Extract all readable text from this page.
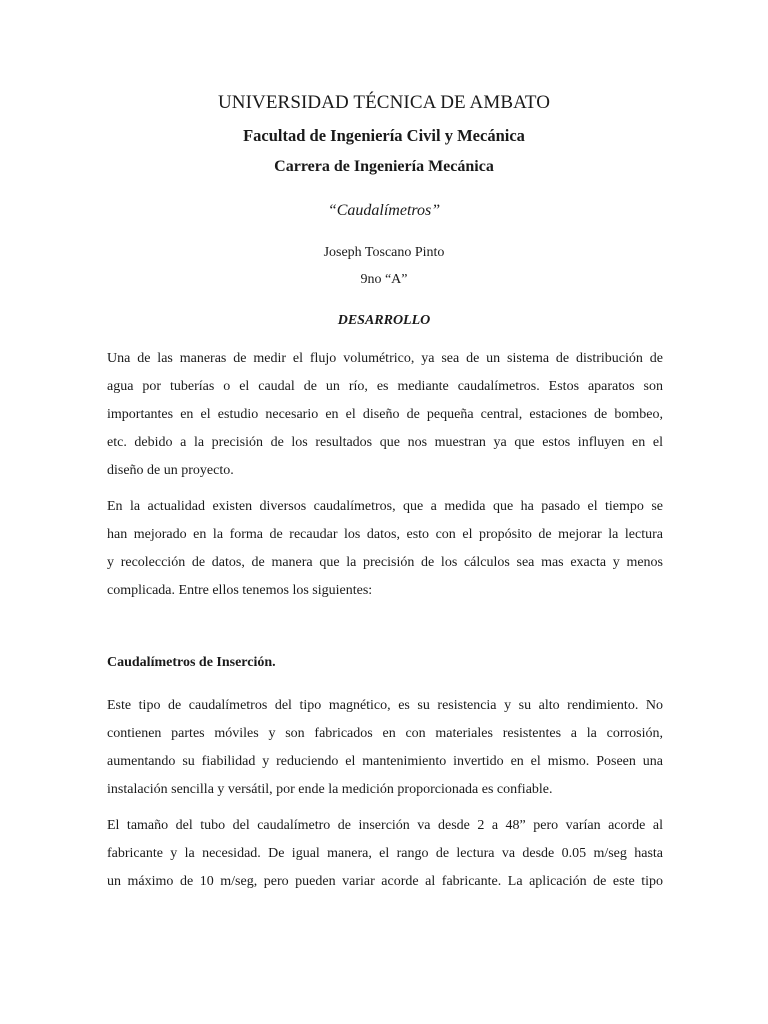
UNIVERSIDAD TÉCNICA DE AMBATO
Facultad de Ingeniería Civil y Mecánica
Carrera de Ingeniería Mecánica
“Caudalímetros”
Joseph Toscano Pinto
9no “A”
DESARROLLO
Una de las maneras de medir el flujo volumétrico, ya sea de un sistema de distribución de
agua por tuberías o el caudal de un río, es mediante caudalímetros. Estos aparatos son
importantes en el estudio necesario en el diseño de pequeña central, estaciones de bombeo,
etc. debido a la precisión de los resultados que nos muestran ya que estos influyen en el
diseño de un proyecto.
En la actualidad existen diversos caudalímetros, que a medida que ha pasado el tiempo se
han mejorado en la forma de recaudar los datos, esto con el propósito de mejorar la lectura
y recolección de datos, de manera que la precisión de los cálculos sea mas exacta y menos
complicada. Entre ellos tenemos los siguientes:
Caudalímetros de Inserción.
Este tipo de caudalímetros del tipo magnético, es su resistencia y su alto rendimiento. No
contienen partes móviles y son fabricados en con materiales resistentes a la corrosión,
aumentando su fiabilidad y reduciendo el mantenimiento invertido en el mismo. Poseen una
instalación sencilla y versátil, por ende la medición proporcionada es confiable.
El tamaño del tubo del caudalímetro de inserción va desde 2 a 48” pero varían acorde al
fabricante y la necesidad. De igual manera, el rango de lectura va desde 0.05 m/seg hasta
un máximo de 10 m/seg, pero pueden variar acorde al fabricante. La aplicación de este tipo
